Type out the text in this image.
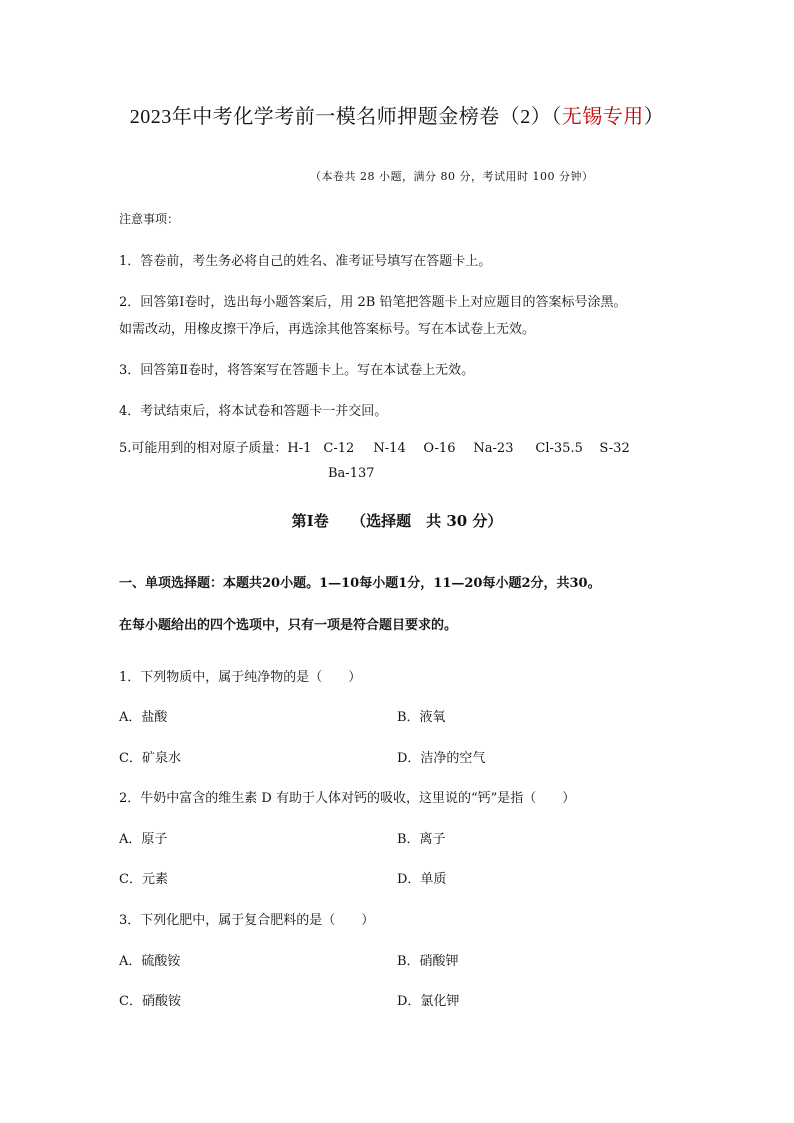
2023年中考化学考前一模名师押题金榜卷（2）（无锡专用）
（本卷共 28 小题，满分 80 分，考试用时 100 分钟）
注意事项：
1．答卷前，考生务必将自己的姓名、准考证号填写在答题卡上。
2．回答第Ⅰ卷时，选出每小题答案后，用 2B 铅笔把答题卡上对应题目的答案标号涂黑。
如需改动，用橡皮擦干净后，再选涂其他答案标号。写在本试卷上无效。
3．回答第Ⅱ卷时，将答案写在答题卡上。写在本试卷上无效。
4．考试结束后，将本试卷和答题卡一并交回。
5.可能用到的相对原子质量：H-1 C-12 N-14 O-16 Na-23 Cl-35.5 S-32
Ba-137
第Ⅰ卷　　（选择题　共 30 分）
一、单项选择题：本题共20小题。1—10每小题1分，11—20每小题2分，共30。
在每小题给出的四个选项中，只有一项是符合题目要求的。
1．下列物质中，属于纯净物的是（　　）
A．盐酸	B．液氧
C．矿泉水	D．洁净的空气
2．牛奶中富含的维生素 D 有助于人体对钙的吸收，这里说的“钙”是指（　　）
A．原子	B．离子
C．元素	D．单质
3．下列化肥中，属于复合肥料的是（　　）
A．硫酸铵	B．硝酸钾
C．硝酸铵	D．氯化钾
